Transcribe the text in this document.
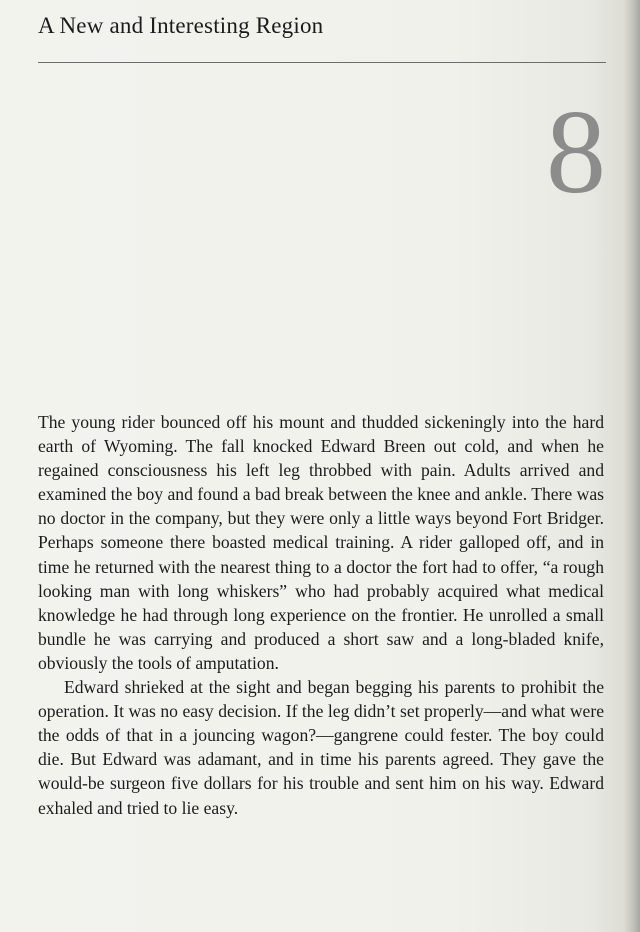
A New and Interesting Region
8

The young rider bounced off his mount and thudded sickeningly into the hard earth of Wyoming. The fall knocked Edward Breen out cold, and when he regained consciousness his left leg throbbed with pain. Adults arrived and examined the boy and found a bad break between the knee and ankle. There was no doctor in the company, but they were only a little ways beyond Fort Bridger. Perhaps someone there boasted medical training. A rider galloped off, and in time he returned with the nearest thing to a doctor the fort had to offer, “a rough looking man with long whiskers” who had probably acquired what medical knowledge he had through long experience on the frontier. He unrolled a small bundle he was carrying and produced a short saw and a long-bladed knife, obviously the tools of amputation.

Edward shrieked at the sight and began begging his parents to prohibit the operation. It was no easy decision. If the leg didn’t set properly—and what were the odds of that in a jouncing wagon?—gangrene could fester. The boy could die. But Edward was adamant, and in time his parents agreed. They gave the would-be surgeon five dollars for his trouble and sent him on his way. Edward exhaled and tried to lie easy.
